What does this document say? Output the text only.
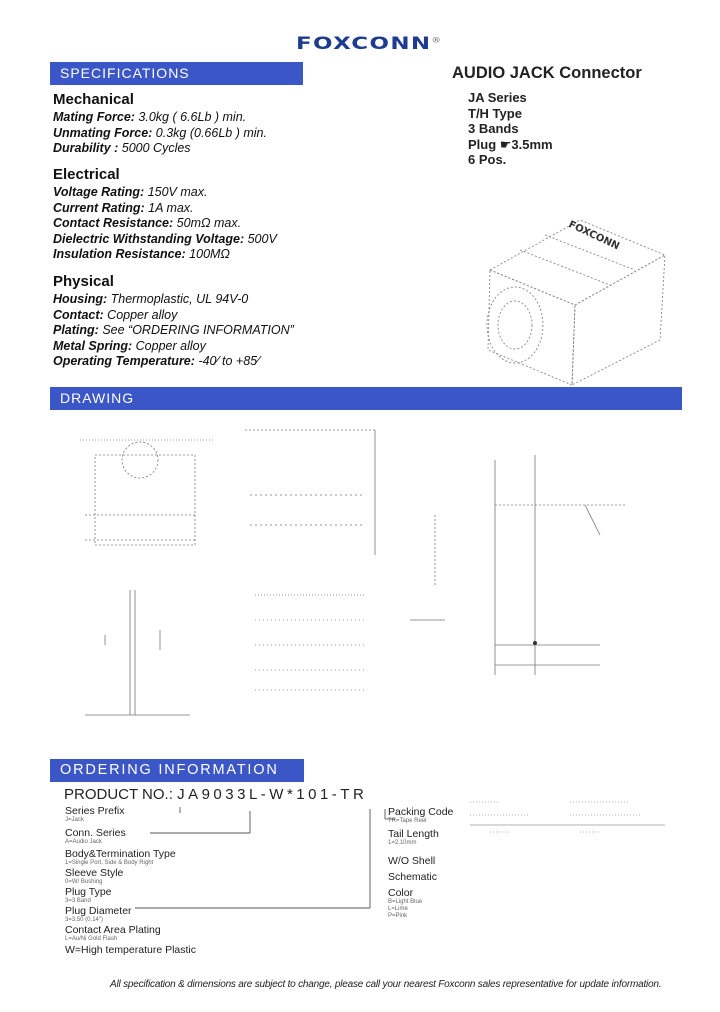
FOXCONN®
SPECIFICATIONS
DRAWING
ORDERING INFORMATION
AUDIO JACK Connector
JA Series
T/H Type
3 Bands
Plug ☛3.5mm
6 Pos.
Mechanical
Mating Force: 3.0kg ( 6.6Lb ) min.
Unmating Force: 0.3kg (0.66Lb ) min.
Durability : 5000 Cycles
Electrical
Voltage Rating: 150V max.
Current Rating: 1A max.
Contact Resistance: 50mΩ max.
Dielectric Withstanding Voltage: 500V
Insulation Resistance: 100MΩ
Physical
Housing: Thermoplastic, UL 94V-0
Contact: Copper alloy
Plating: See “ORDERING INFORMATION”
Metal Spring: Copper alloy
Operating Temperature: -40⁄ to +85⁄
FOXCONN
PRODUCT NO.: JA9033L-W*101-TR
Series Prefix
J=Jack
Conn. Series
A=Audio Jack
Body&Termination Type
1=Single Port, Side & Body Right
Sleeve Style
0=W/ Bushing
Plug Type
3=3 Band
Plug Diameter
3=3.50 (0.14")
Contact Area Plating
L=Au/Ni Gold Flash
W=High temperature Plastic
Packing Code
TR=Tape Reel
Tail Length
1=2.10mm
W/O Shell
Schematic
Color
B=Light Blue
L=Lime
P=Pink
All specification & dimensions are subject to change, please call your nearest Foxconn sales representative for update information.
